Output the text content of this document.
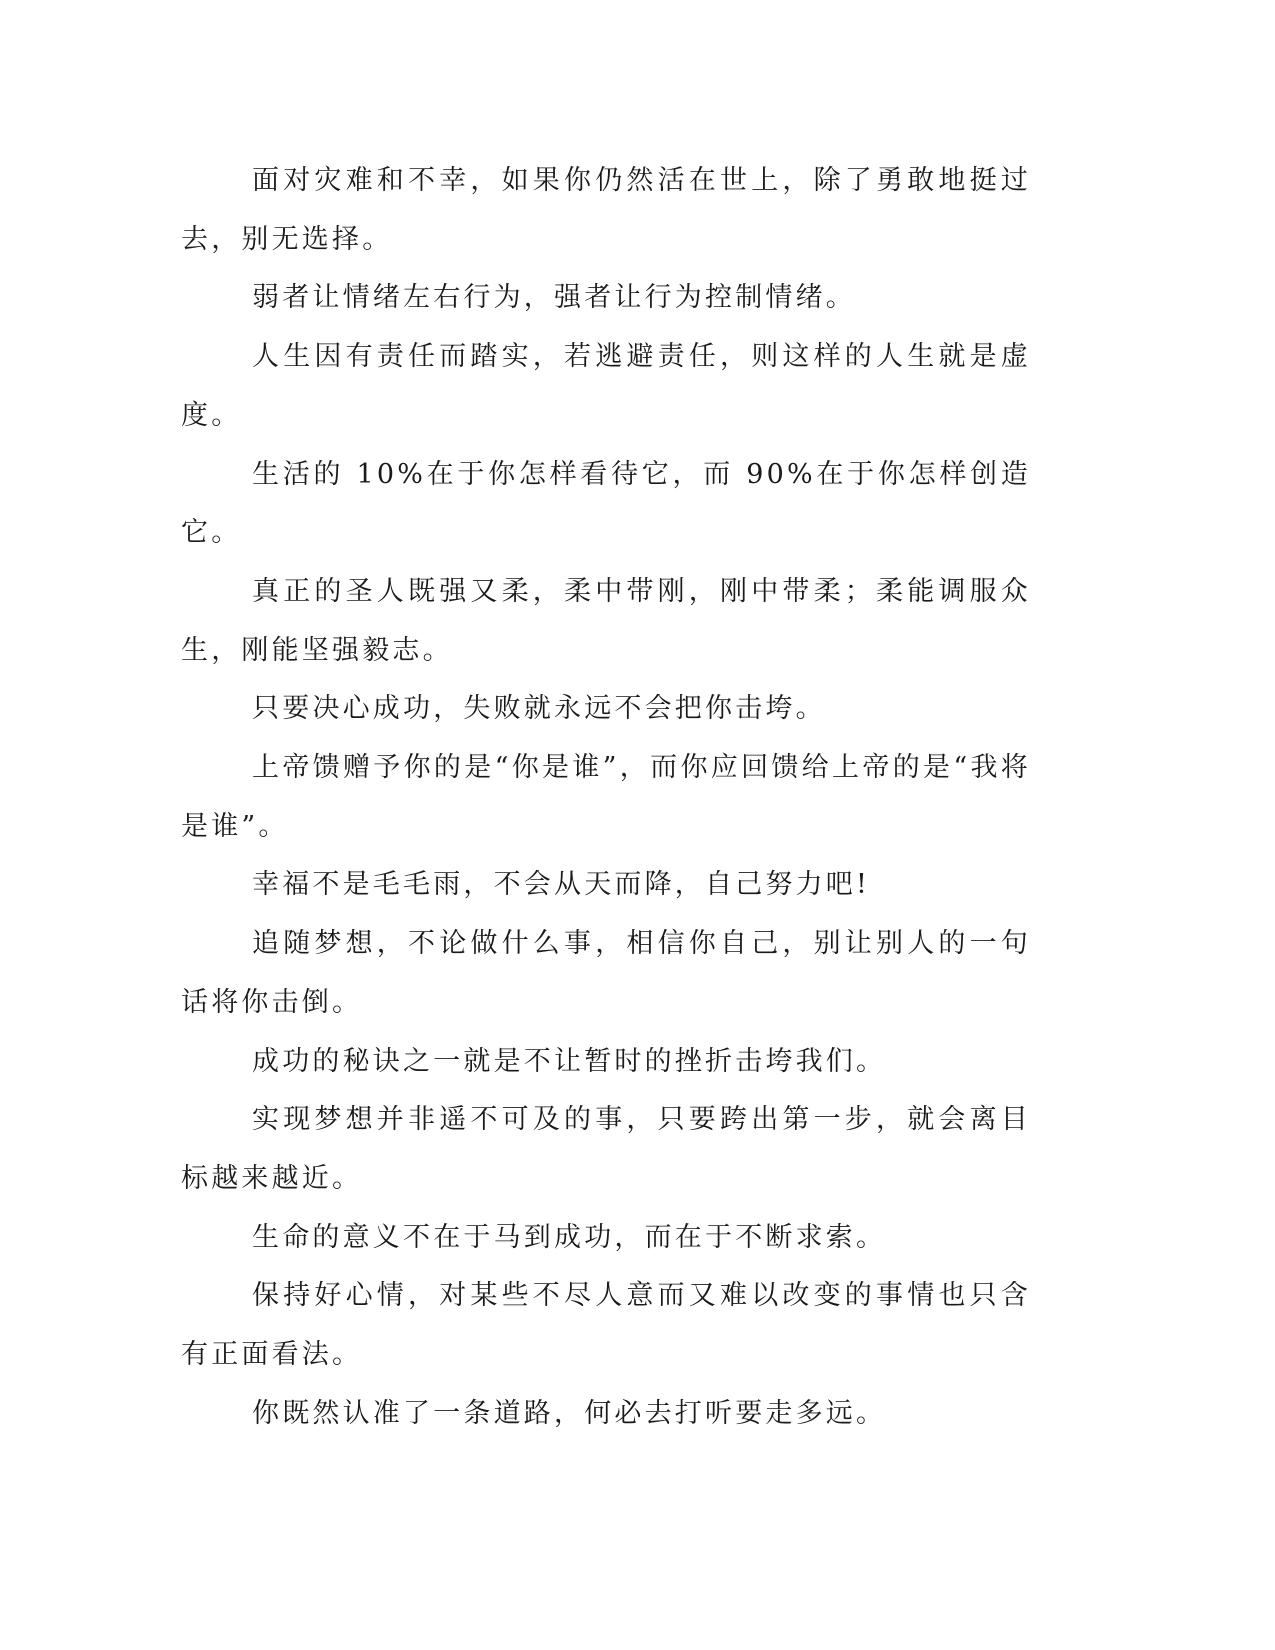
面对灾难和不幸，如果你仍然活在世上，除了勇敢地挺过去，别无选择。

弱者让情绪左右行为，强者让行为控制情绪。

人生因有责任而踏实，若逃避责任，则这样的人生就是虚度。

生活的 10%在于你怎样看待它，而 90%在于你怎样创造它。

真正的圣人既强又柔，柔中带刚，刚中带柔；柔能调服众生，刚能坚强毅志。

只要决心成功，失败就永远不会把你击垮。

上帝馈赠予你的是“你是谁”，而你应回馈给上帝的是“我将是谁”。

幸福不是毛毛雨，不会从天而降，自己努力吧!

追随梦想，不论做什么事，相信你自己，别让别人的一句话将你击倒。

成功的秘诀之一就是不让暂时的挫折击垮我们。

实现梦想并非遥不可及的事，只要跨出第一步，就会离目标越来越近。

生命的意义不在于马到成功，而在于不断求索。

保持好心情，对某些不尽人意而又难以改变的事情也只含有正面看法。

你既然认准了一条道路，何必去打听要走多远。
